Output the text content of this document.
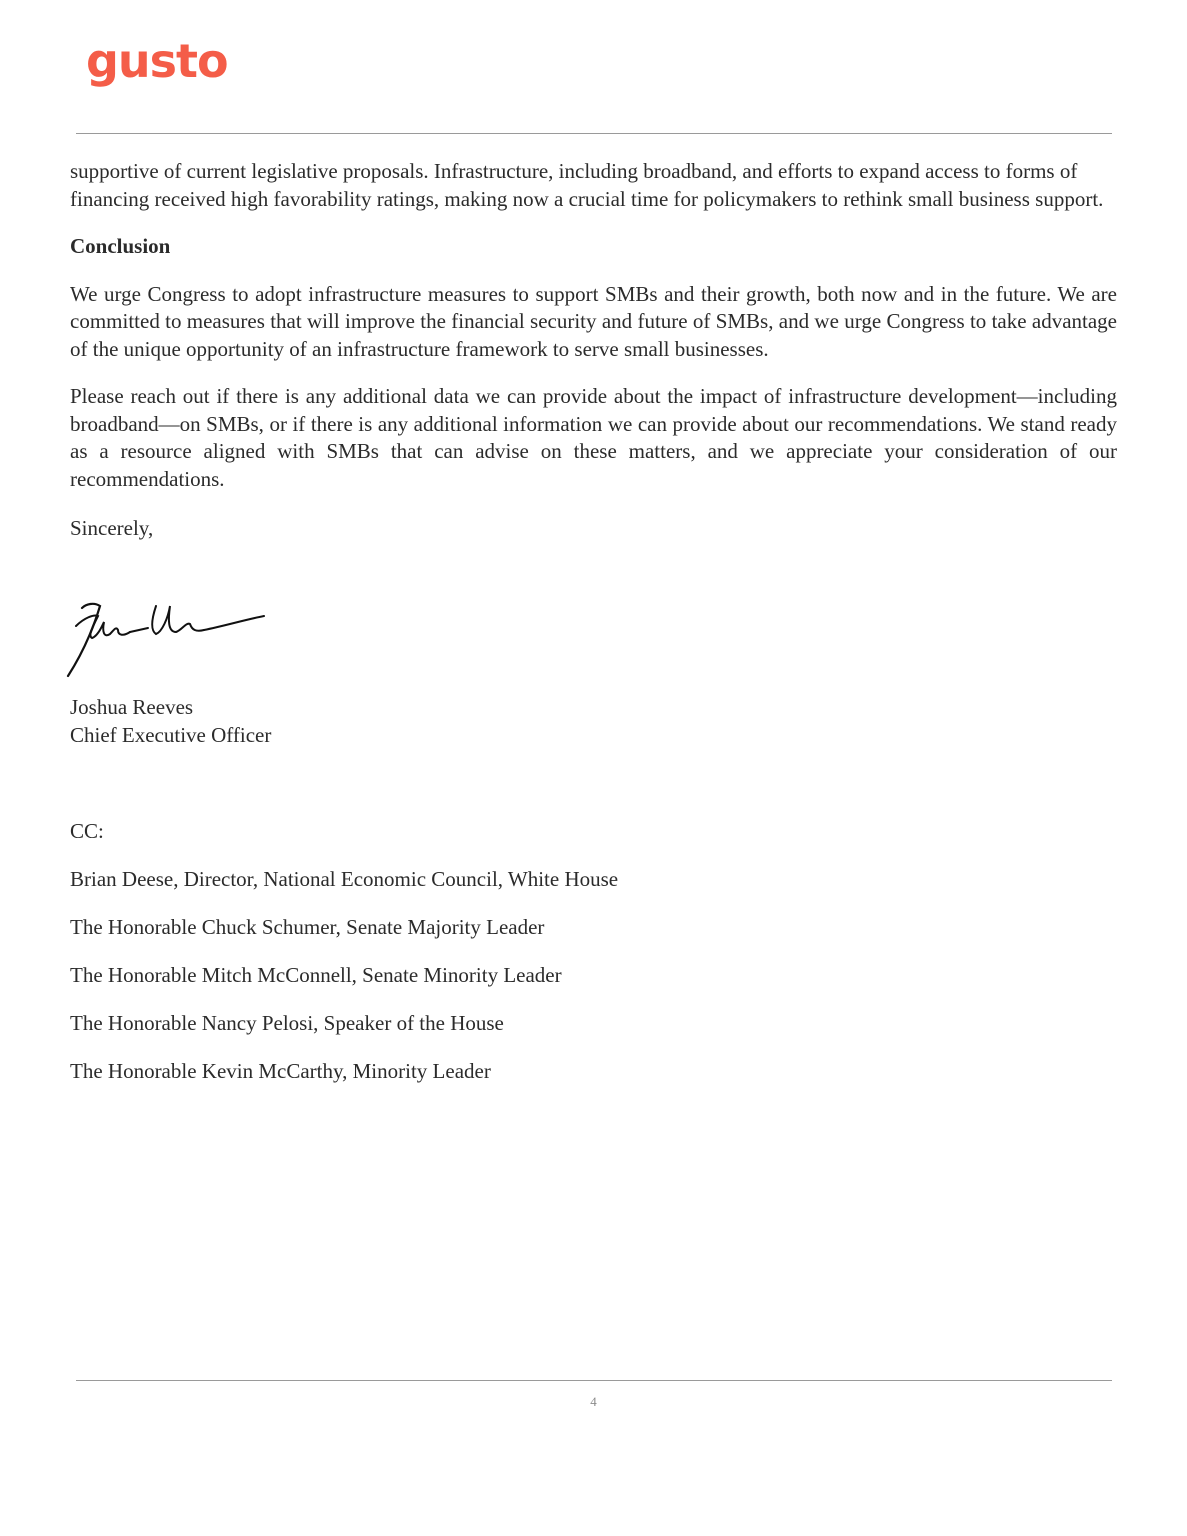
gusto

supportive of current legislative proposals. Infrastructure, including broadband, and efforts to expand access to forms of financing received high favorability ratings, making now a crucial time for policymakers to rethink small business support.

Conclusion

We urge Congress to adopt infrastructure measures to support SMBs and their growth, both now and in the future. We are committed to measures that will improve the financial security and future of SMBs, and we urge Congress to take advantage of the unique opportunity of an infrastructure framework to serve small businesses.

Please reach out if there is any additional data we can provide about the impact of infrastructure development—including broadband—on SMBs, or if there is any additional information we can provide about our recommendations. We stand ready as a resource aligned with SMBs that can advise on these matters, and we appreciate your consideration of our recommendations.

Sincerely,

Joshua Reeves
Chief Executive Officer
CC:
Brian Deese, Director, National Economic Council, White House
The Honorable Chuck Schumer, Senate Majority Leader
The Honorable Mitch McConnell, Senate Minority Leader
The Honorable Nancy Pelosi, Speaker of the House
The Honorable Kevin McCarthy, Minority Leader
4
